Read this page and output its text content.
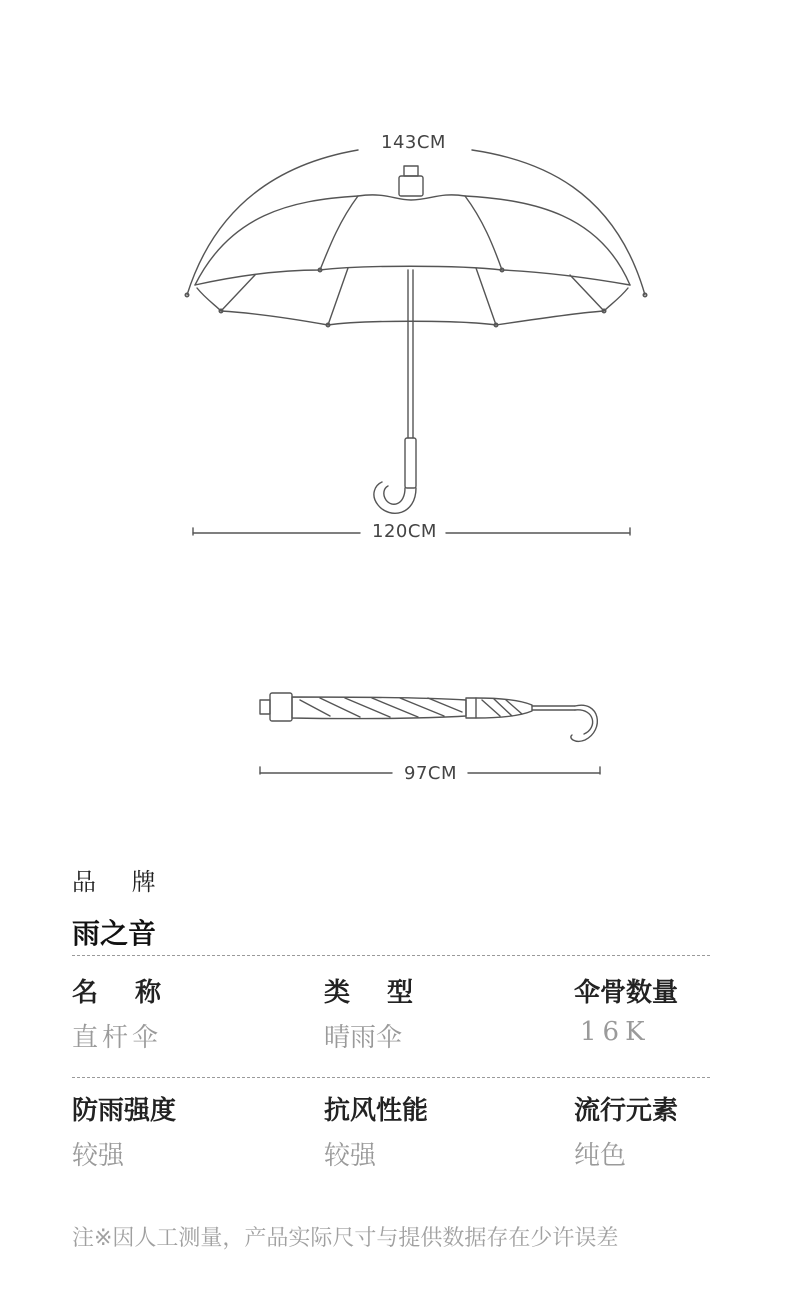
143CM
120CM
97CM
品 牌
雨之音
名 称
直杆伞
类 型
晴雨伞
伞骨数量
16K
防雨强度
较强
抗风性能
较强
流行元素
纯色
注※因人工测量，产品实际尺寸与提供数据存在少许误差
